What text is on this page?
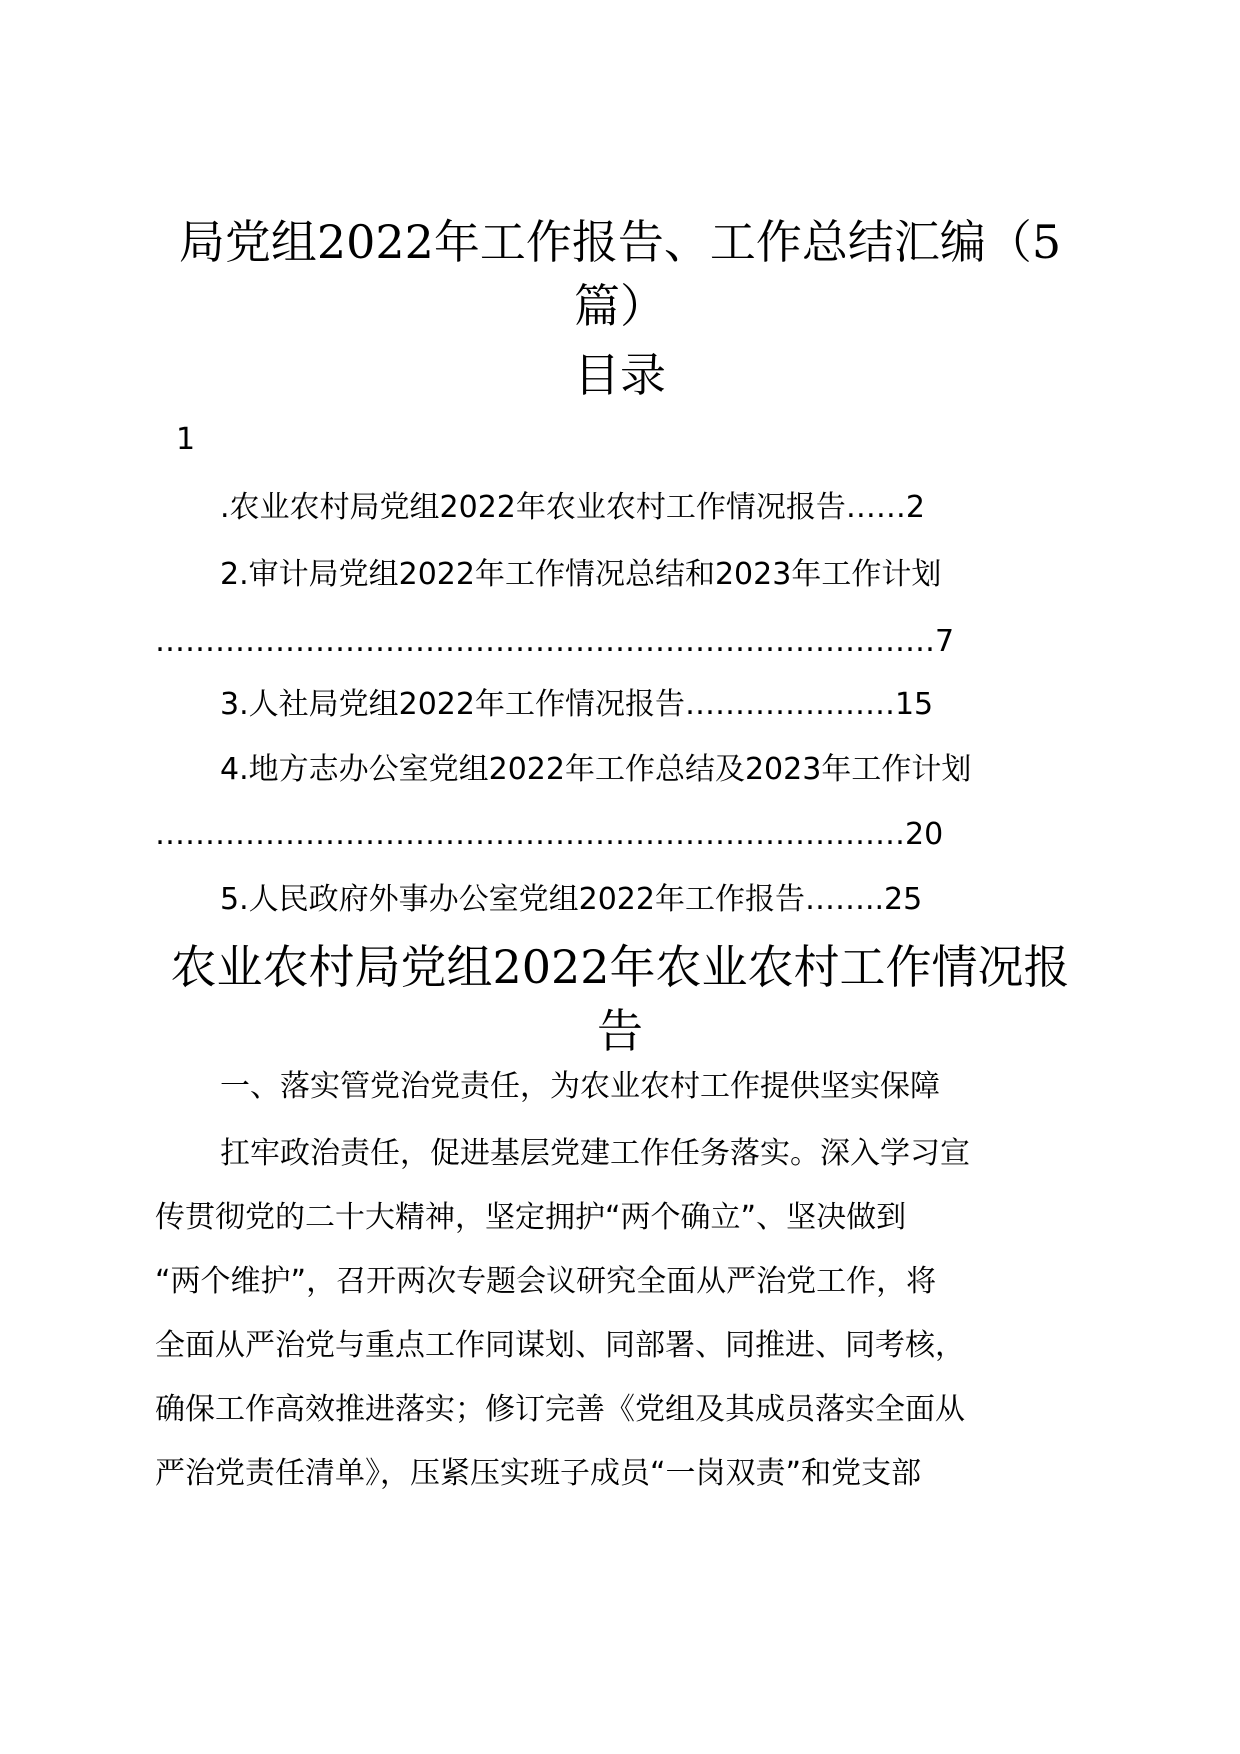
局党组2022年工作报告、工作总结汇编（5
篇）
目录
1
.农业农村局党组2022年农业农村工作情况报告……2
2.审计局党组2022年工作情况总结和2023年工作计划
……………………………………………………………………7
3.人社局党组2022年工作情况报告…………………15
4.地方志办公室党组2022年工作总结及2023年工作计划
…………………………………………………………………20
5.人民政府外事办公室党组2022年工作报告……..25
农业农村局党组2022年农业农村工作情况报
告
一、落实管党治党责任，为农业农村工作提供坚实保障
扛牢政治责任，促进基层党建工作任务落实。深入学习宣
传贯彻党的二十大精神，坚定拥护“两个确立”、坚决做到
“两个维护”，召开两次专题会议研究全面从严治党工作，将
全面从严治党与重点工作同谋划、同部署、同推进、同考核，
确保工作高效推进落实；修订完善《党组及其成员落实全面从
严治党责任清单》，压紧压实班子成员“一岗双责”和党支部
